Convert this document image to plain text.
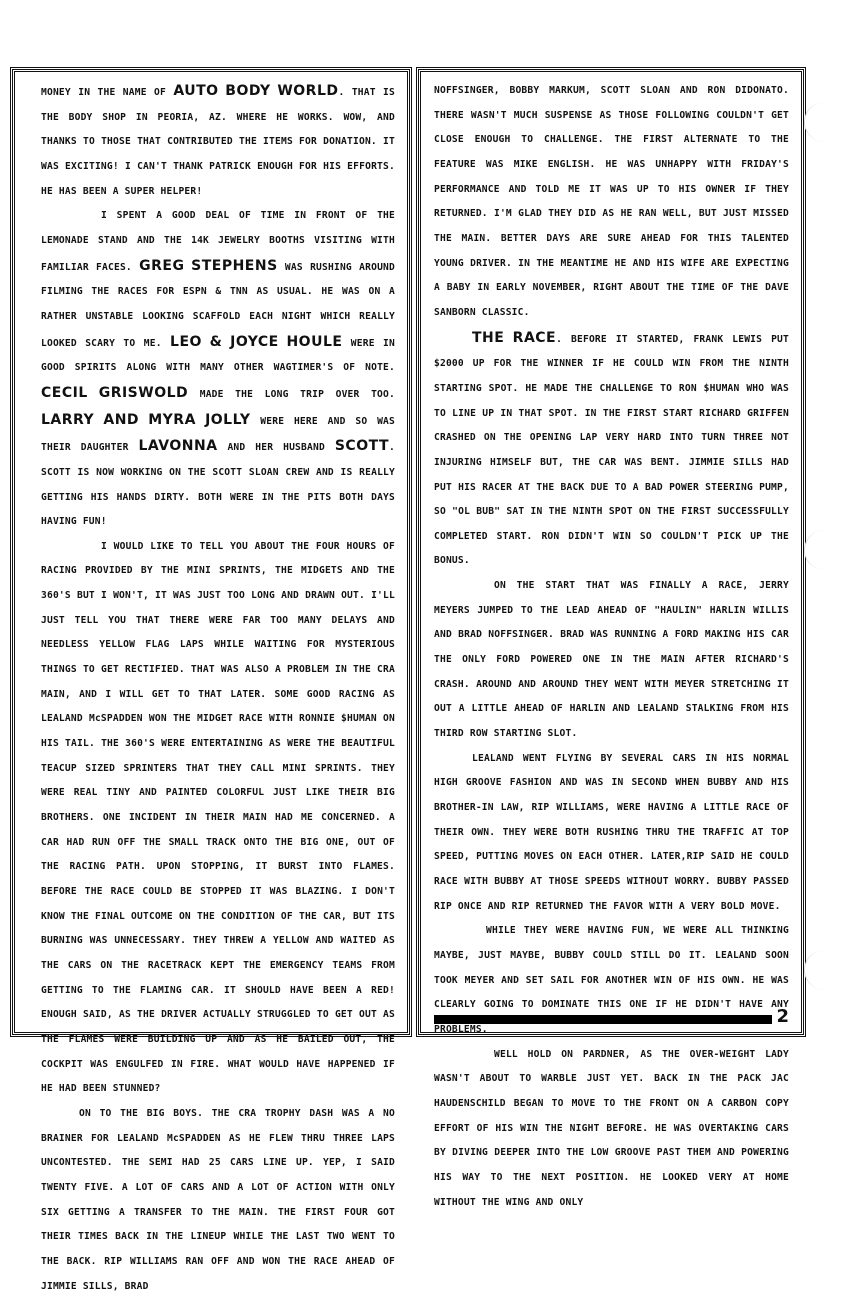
MONEY IN THE NAME OF AUTO BODY WORLD. THAT IS THE BODY SHOP IN PEORIA, AZ. WHERE HE WORKS. WOW, AND THANKS TO THOSE THAT CONTRIBUTED THE ITEMS FOR DONATION. IT WAS EXCITING! I CAN'T THANK PATRICK ENOUGH FOR HIS EFFORTS. HE HAS BEEN A SUPER HELPER!

I SPENT A GOOD DEAL OF TIME IN FRONT OF THE LEMONADE STAND AND THE 14K JEWELRY BOOTHS VISITING WITH FAMILIAR FACES. GREG STEPHENS WAS RUSHING AROUND FILMING THE RACES FOR ESPN & TNN AS USUAL. HE WAS ON A RATHER UNSTABLE LOOKING SCAFFOLD EACH NIGHT WHICH REALLY LOOKED SCARY TO ME. LEO & JOYCE HOULE WERE IN GOOD SPIRITS ALONG WITH MANY OTHER WAGTIMER'S OF NOTE. CECIL GRISWOLD MADE THE LONG TRIP OVER TOO. LARRY AND MYRA JOLLY WERE HERE AND SO WAS THEIR DAUGHTER LAVONNA AND HER HUSBAND SCOTT. SCOTT IS NOW WORKING ON THE SCOTT SLOAN CREW AND IS REALLY GETTING HIS HANDS DIRTY. BOTH WERE IN THE PITS BOTH DAYS HAVING FUN!

I WOULD LIKE TO TELL YOU ABOUT THE FOUR HOURS OF RACING PROVIDED BY THE MINI SPRINTS, THE MIDGETS AND THE 360'S BUT I WON'T, IT WAS JUST TOO LONG AND DRAWN OUT. I'LL JUST TELL YOU THAT THERE WERE FAR TOO MANY DELAYS AND NEEDLESS YELLOW FLAG LAPS WHILE WAITING FOR MYSTERIOUS THINGS TO GET RECTIFIED. THAT WAS ALSO A PROBLEM IN THE CRA MAIN, AND I WILL GET TO THAT LATER. SOME GOOD RACING AS LEALAND McSPADDEN WON THE MIDGET RACE WITH RONNIE $HUMAN ON HIS TAIL. THE 360'S WERE ENTERTAINING AS WERE THE BEAUTIFUL TEACUP SIZED SPRINTERS THAT THEY CALL MINI SPRINTS. THEY WERE REAL TINY AND PAINTED COLORFUL JUST LIKE THEIR BIG BROTHERS. ONE INCIDENT IN THEIR MAIN HAD ME CONCERNED. A CAR HAD RUN OFF THE SMALL TRACK ONTO THE BIG ONE, OUT OF THE RACING PATH. UPON STOPPING, IT BURST INTO FLAMES. BEFORE THE RACE COULD BE STOPPED IT WAS BLAZING. I DON'T KNOW THE FINAL OUTCOME ON THE CONDITION OF THE CAR, BUT ITS BURNING WAS UNNECESSARY. THEY THREW A YELLOW AND WAITED AS THE CARS ON THE RACETRACK KEPT THE EMERGENCY TEAMS FROM GETTING TO THE FLAMING CAR. IT SHOULD HAVE BEEN A RED! ENOUGH SAID, AS THE DRIVER ACTUALLY STRUGGLED TO GET OUT AS THE FLAMES WERE BUILDING UP AND AS HE BAILED OUT, THE COCKPIT WAS ENGULFED IN FIRE. WHAT WOULD HAVE HAPPENED IF HE HAD BEEN STUNNED?

ON TO THE BIG BOYS. THE CRA TROPHY DASH WAS A NO BRAINER FOR LEALAND McSPADDEN AS HE FLEW THRU THREE LAPS UNCONTESTED. THE SEMI HAD 25 CARS LINE UP. YEP, I SAID TWENTY FIVE. A LOT OF CARS AND A LOT OF ACTION WITH ONLY SIX GETTING A TRANSFER TO THE MAIN. THE FIRST FOUR GOT THEIR TIMES BACK IN THE LINEUP WHILE THE LAST TWO WENT TO THE BACK. RIP WILLIAMS RAN OFF AND WON THE RACE AHEAD OF JIMMIE SILLS, BRAD

NOFFSINGER, BOBBY MARKUM, SCOTT SLOAN AND RON DIDONATO. THERE WASN'T MUCH SUSPENSE AS THOSE FOLLOWING COULDN'T GET CLOSE ENOUGH TO CHALLENGE. THE FIRST ALTERNATE TO THE FEATURE WAS MIKE ENGLISH. HE WAS UNHAPPY WITH FRIDAY'S PERFORMANCE AND TOLD ME IT WAS UP TO HIS OWNER IF THEY RETURNED. I'M GLAD THEY DID AS HE RAN WELL, BUT JUST MISSED THE MAIN. BETTER DAYS ARE SURE AHEAD FOR THIS TALENTED YOUNG DRIVER. IN THE MEANTIME HE AND HIS WIFE ARE EXPECTING A BABY IN EARLY NOVEMBER, RIGHT ABOUT THE TIME OF THE DAVE SANBORN CLASSIC.

THE RACE. BEFORE IT STARTED, FRANK LEWIS PUT $2000 UP FOR THE WINNER IF HE COULD WIN FROM THE NINTH STARTING SPOT. HE MADE THE CHALLENGE TO RON $HUMAN WHO WAS TO LINE UP IN THAT SPOT. IN THE FIRST START RICHARD GRIFFEN CRASHED ON THE OPENING LAP VERY HARD INTO TURN THREE NOT INJURING HIMSELF BUT, THE CAR WAS BENT. JIMMIE SILLS HAD PUT HIS RACER AT THE BACK DUE TO A BAD POWER STEERING PUMP, SO "OL BUB" SAT IN THE NINTH SPOT ON THE FIRST SUCCESSFULLY COMPLETED START. RON DIDN'T WIN SO COULDN'T PICK UP THE BONUS.

ON THE START THAT WAS FINALLY A RACE, JERRY MEYERS JUMPED TO THE LEAD AHEAD OF "HAULIN" HARLIN WILLIS AND BRAD NOFFSINGER. BRAD WAS RUNNING A FORD MAKING HIS CAR THE ONLY FORD POWERED ONE IN THE MAIN AFTER RICHARD'S CRASH. AROUND AND AROUND THEY WENT WITH MEYER STRETCHING IT OUT A LITTLE AHEAD OF HARLIN AND LEALAND STALKING FROM HIS THIRD ROW STARTING SLOT.

LEALAND WENT FLYING BY SEVERAL CARS IN HIS NORMAL HIGH GROOVE FASHION AND WAS IN SECOND WHEN BUBBY AND HIS BROTHER-IN LAW, RIP WILLIAMS, WERE HAVING A LITTLE RACE OF THEIR OWN. THEY WERE BOTH RUSHING THRU THE TRAFFIC AT TOP SPEED, PUTTING MOVES ON EACH OTHER. LATER,RIP SAID HE COULD RACE WITH BUBBY AT THOSE SPEEDS WITHOUT WORRY. BUBBY PASSED RIP ONCE AND RIP RETURNED THE FAVOR WITH A VERY BOLD MOVE.

WHILE THEY WERE HAVING FUN, WE WERE ALL THINKING MAYBE, JUST MAYBE, BUBBY COULD STILL DO IT. LEALAND SOON TOOK MEYER AND SET SAIL FOR ANOTHER WIN OF HIS OWN. HE WAS CLEARLY GOING TO DOMINATE THIS ONE IF HE DIDN'T HAVE ANY PROBLEMS.

WELL HOLD ON PARDNER, AS THE OVER-WEIGHT LADY WASN'T ABOUT TO WARBLE JUST YET. BACK IN THE PACK JAC HAUDENSCHILD BEGAN TO MOVE TO THE FRONT ON A CARBON COPY EFFORT OF HIS WIN THE NIGHT BEFORE. HE WAS OVERTAKING CARS BY DIVING DEEPER INTO THE LOW GROOVE PAST THEM AND POWERING HIS WAY TO THE NEXT POSITION. HE LOOKED VERY AT HOME WITHOUT THE WING AND ONLY

2
